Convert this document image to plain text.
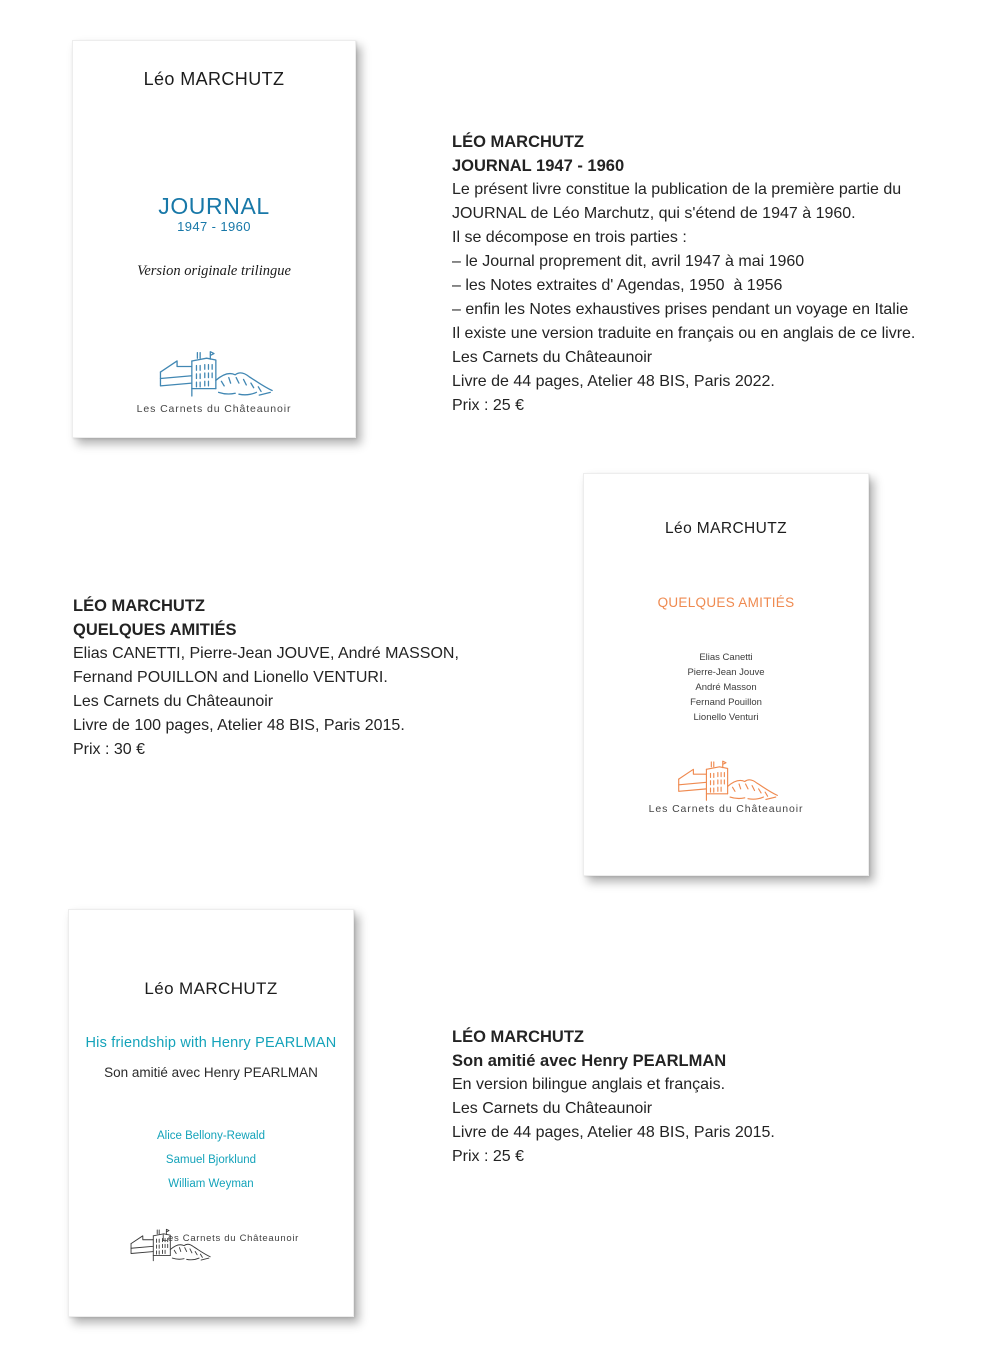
Léo MARCHUTZ
JOURNAL
1947 - 1960
Version originale trilingue
Les Carnets du Châteaunoir
LÉO MARCHUTZ
JOURNAL 1947 - 1960
Le présent livre constitue la publication de la première partie du
JOURNAL de Léo Marchutz, qui s'étend de 1947 à 1960.
Il se décompose en trois parties :
– le Journal proprement dit, avril 1947 à mai 1960
– les Notes extraites d' Agendas, 1950  à 1956
– enfin les Notes exhaustives prises pendant un voyage en Italie
Il existe une version traduite en français ou en anglais de ce livre.
Les Carnets du Châteaunoir
Livre de 44 pages, Atelier 48 BIS, Paris 2022.
Prix : 25 €
LÉO MARCHUTZ
QUELQUES AMITIÉS
Elias CANETTI, Pierre-Jean JOUVE, André MASSON,
Fernand POUILLON and Lionello VENTURI.
Les Carnets du Châteaunoir
Livre de 100 pages, Atelier 48 BIS, Paris 2015.
Prix : 30 €
Léo MARCHUTZ
QUELQUES AMITIÉS
Elias Canetti
Pierre-Jean Jouve
André Masson
Fernand Pouillon
Lionello Venturi
Les Carnets du Châteaunoir
Léo MARCHUTZ
His friendship with Henry PEARLMAN
Son amitié avec Henry PEARLMAN
Alice Bellony-Rewald
Samuel Bjorklund
William Weyman
Les Carnets du Châteaunoir
LÉO MARCHUTZ
Son amitié avec Henry PEARLMAN
En version bilingue anglais et français.
Les Carnets du Châteaunoir
Livre de 44 pages, Atelier 48 BIS, Paris 2015.
Prix : 25 €
